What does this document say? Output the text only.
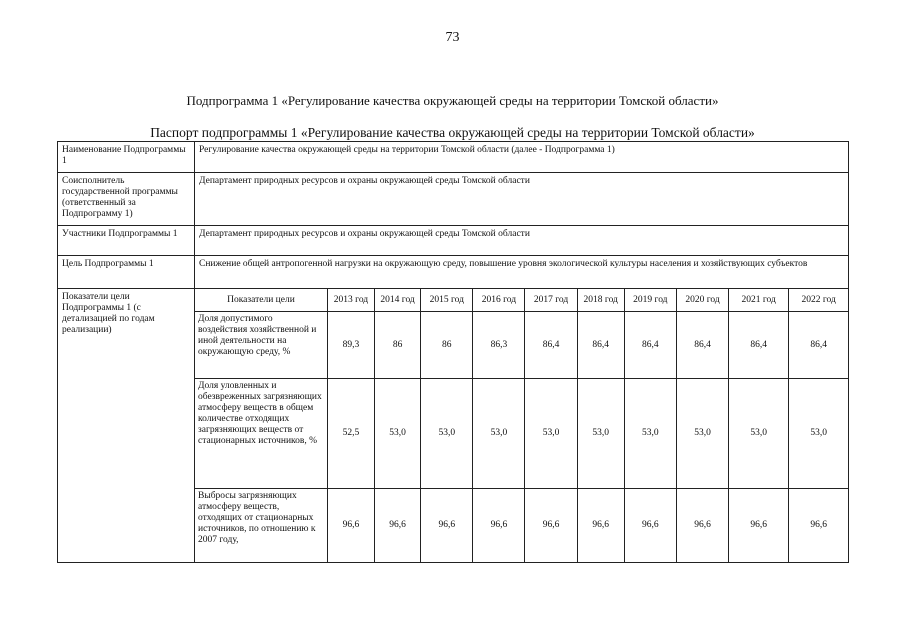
73
Подпрограмма 1 «Регулирование качества окружающей среды на территории Томской области»
Паспорт подпрограммы 1 «Регулирование качества окружающей среды на территории Томской области»
Наименование Подпрограммы 1	Регулирование качества окружающей среды на территории Томской области (далее - Подпрограмма 1)
Соисполнитель государственной программы (ответственный за Подпрограмму 1)	Департамент природных ресурсов и охраны окружающей среды Томской области
Участники Подпрограммы 1	Департамент природных ресурсов и охраны окружающей среды Томской области
Цель Подпрограммы 1	Снижение общей антропогенной нагрузки на окружающую среду, повышение уровня экологической культуры населения и хозяйствующих субъектов
Показатели цели Подпрограммы 1 (с детализацией по годам реализации)	
Показатели цели	2013 год	2014 год	2015 год	2016 год	2017 год	2018 год	2019 год	2020 год	2021 год	2022 год
Доля допустимого воздействия хозяйственной и иной деятельности на окружающую среду, %	89,3	86	86	86,3	86,4	86,4	86,4	86,4	86,4	86,4
Доля уловленных и обезвреженных загрязняющих атмосферу веществ в общем количестве отходящих загрязняющих веществ от стационарных источников, %	52,5	53,0	53,0	53,0	53,0	53,0	53,0	53,0	53,0	53,0
Выбросы загрязняющих атмосферу веществ, отходящих от стационарных источников, по отношению к 2007 году,	96,6	96,6	96,6	96,6	96,6	96,6	96,6	96,6	96,6	96,6
